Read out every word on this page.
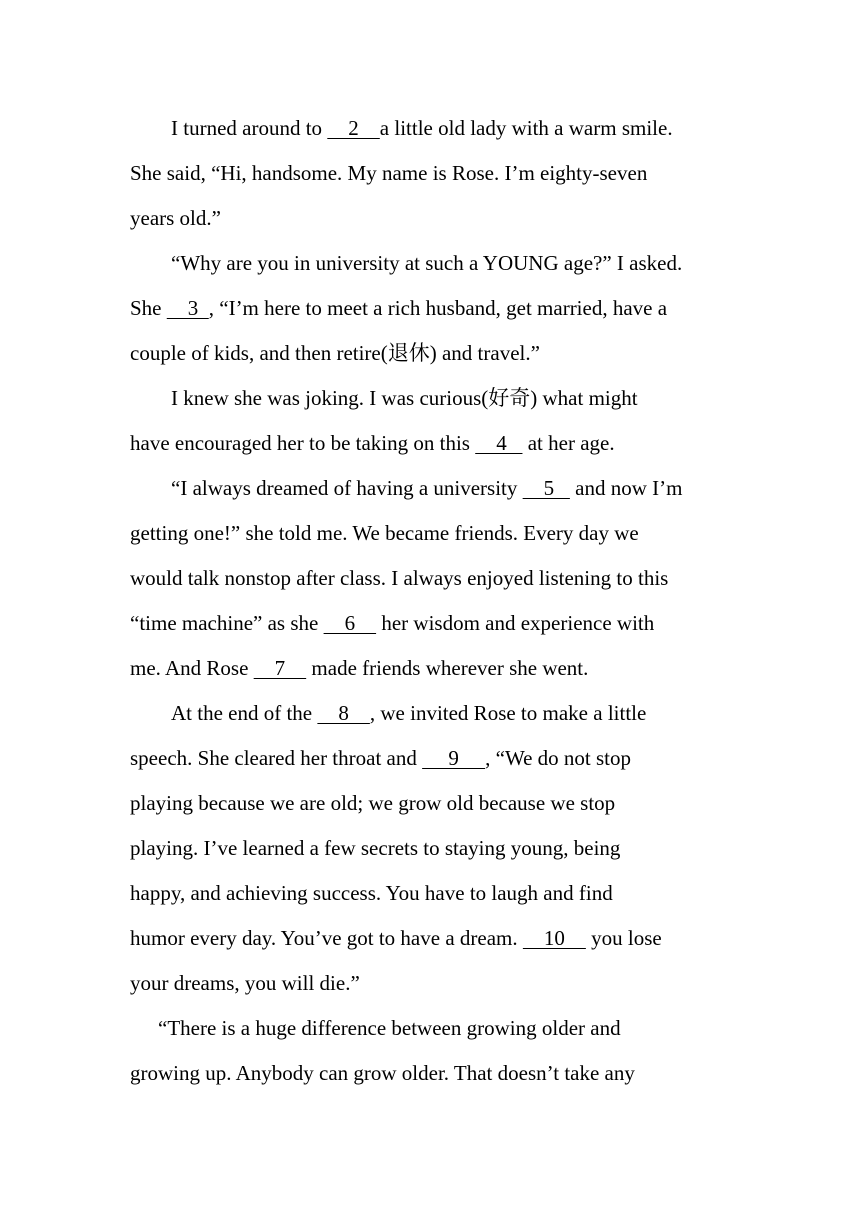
I turned around to     2    a little old lady with a warm smile.
She said, “Hi, handsome. My name is Rose. I’m eighty-seven
years old.”
“Why are you in university at such a YOUNG age?” I asked.
She     3  , “I’m here to meet a rich husband, get married, have a
couple of kids, and then retire(退休) and travel.”
I knew she was joking. I was curious(好奇) what might
have encouraged her to be taking on this     4    at her age.
“I always dreamed of having a university     5    and now I’m
getting one!” she told me. We became friends. Every day we
would talk nonstop after class. I always enjoyed listening to this
“time machine” as she     6     her wisdom and experience with
me. And Rose     7     made friends wherever she went.
At the end of the     8    , we invited Rose to make a little
speech. She cleared her throat and      9     , “We do not stop
playing because we are old; we grow old because we stop
playing. I’ve learned a few secrets to staying young, being
happy, and achieving success. You have to laugh and find
humor every day. You’ve got to have a dream.     10     you lose
your dreams, you will die.”
“There is a huge difference between growing older and
growing up. Anybody can grow older. That doesn’t take any
